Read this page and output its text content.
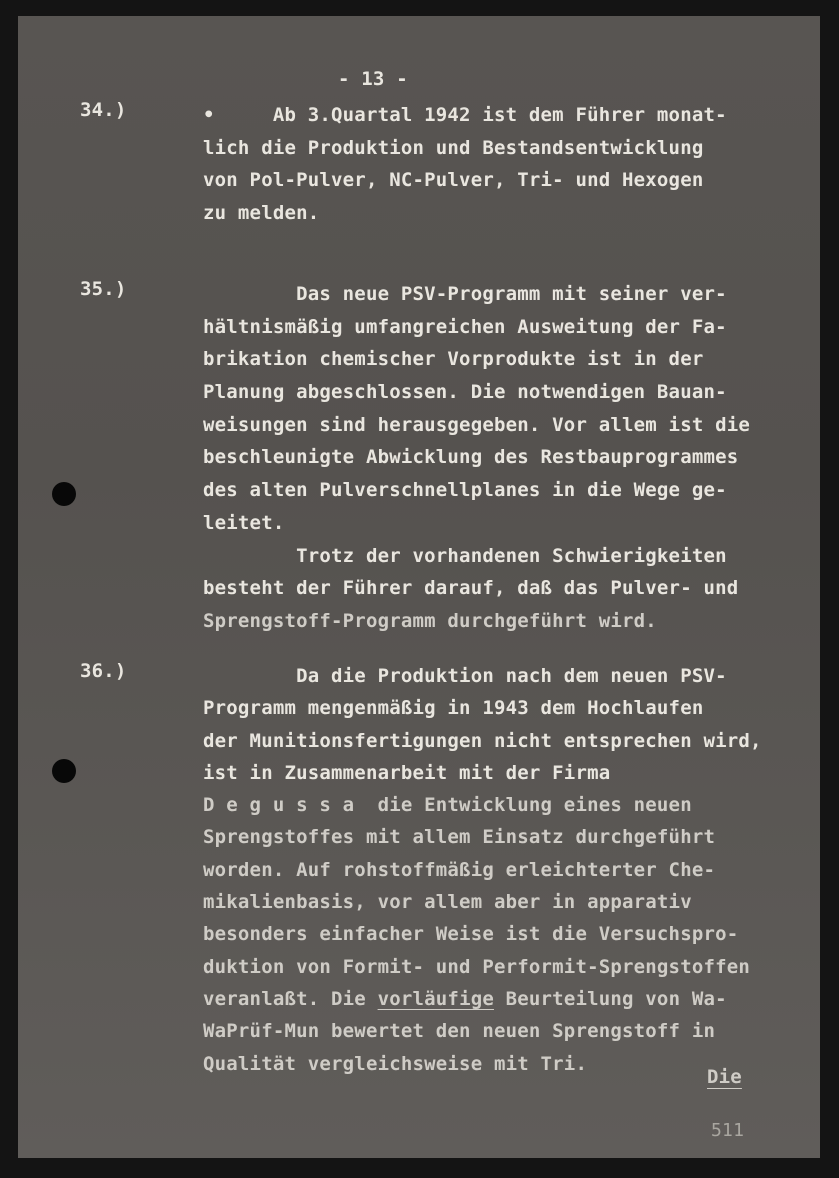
- 13 -
34.)	•     Ab 3.Quartal 1942 ist dem Führer monat-
lich die Produktion und Bestandsentwicklung
von Pol-Pulver, NC-Pulver, Tri- und Hexogen
zu melden.
35.)	Das neue PSV-Programm mit seiner ver-
hältnismäßig umfangreichen Ausweitung der Fa-
brikation chemischer Vorprodukte ist in der
Planung abgeschlossen. Die notwendigen Bauan-
weisungen sind herausgegeben. Vor allem ist die
beschleunigte Abwicklung des Restbauprogrammes
des alten Pulverschnellplanes in die Wege ge-
leitet.
Trotz der vorhandenen Schwierigkeiten
besteht der Führer darauf, daß das Pulver- und
Sprengstoff-Programm durchgeführt wird.
36.)	Da die Produktion nach dem neuen PSV-
Programm mengenmäßig in 1943 dem Hochlaufen
der Munitionsfertigungen nicht entsprechen wird,
ist in Zusammenarbeit mit der Firma
D e g u s s a  die Entwicklung eines neuen
Sprengstoffes mit allem Einsatz durchgeführt
worden. Auf rohstoffmäßig erleichterter Che-
mikalienbasis, vor allem aber in apparativ
besonders einfacher Weise ist die Versuchspro-
duktion von Formit- und Performit-Sprengstoffen
veranlaßt. Die vorläufige Beurteilung von Wa-
WaPrüf-Mun bewertet den neuen Sprengstoff in
Qualität vergleichsweise mit Tri.
Die
511
